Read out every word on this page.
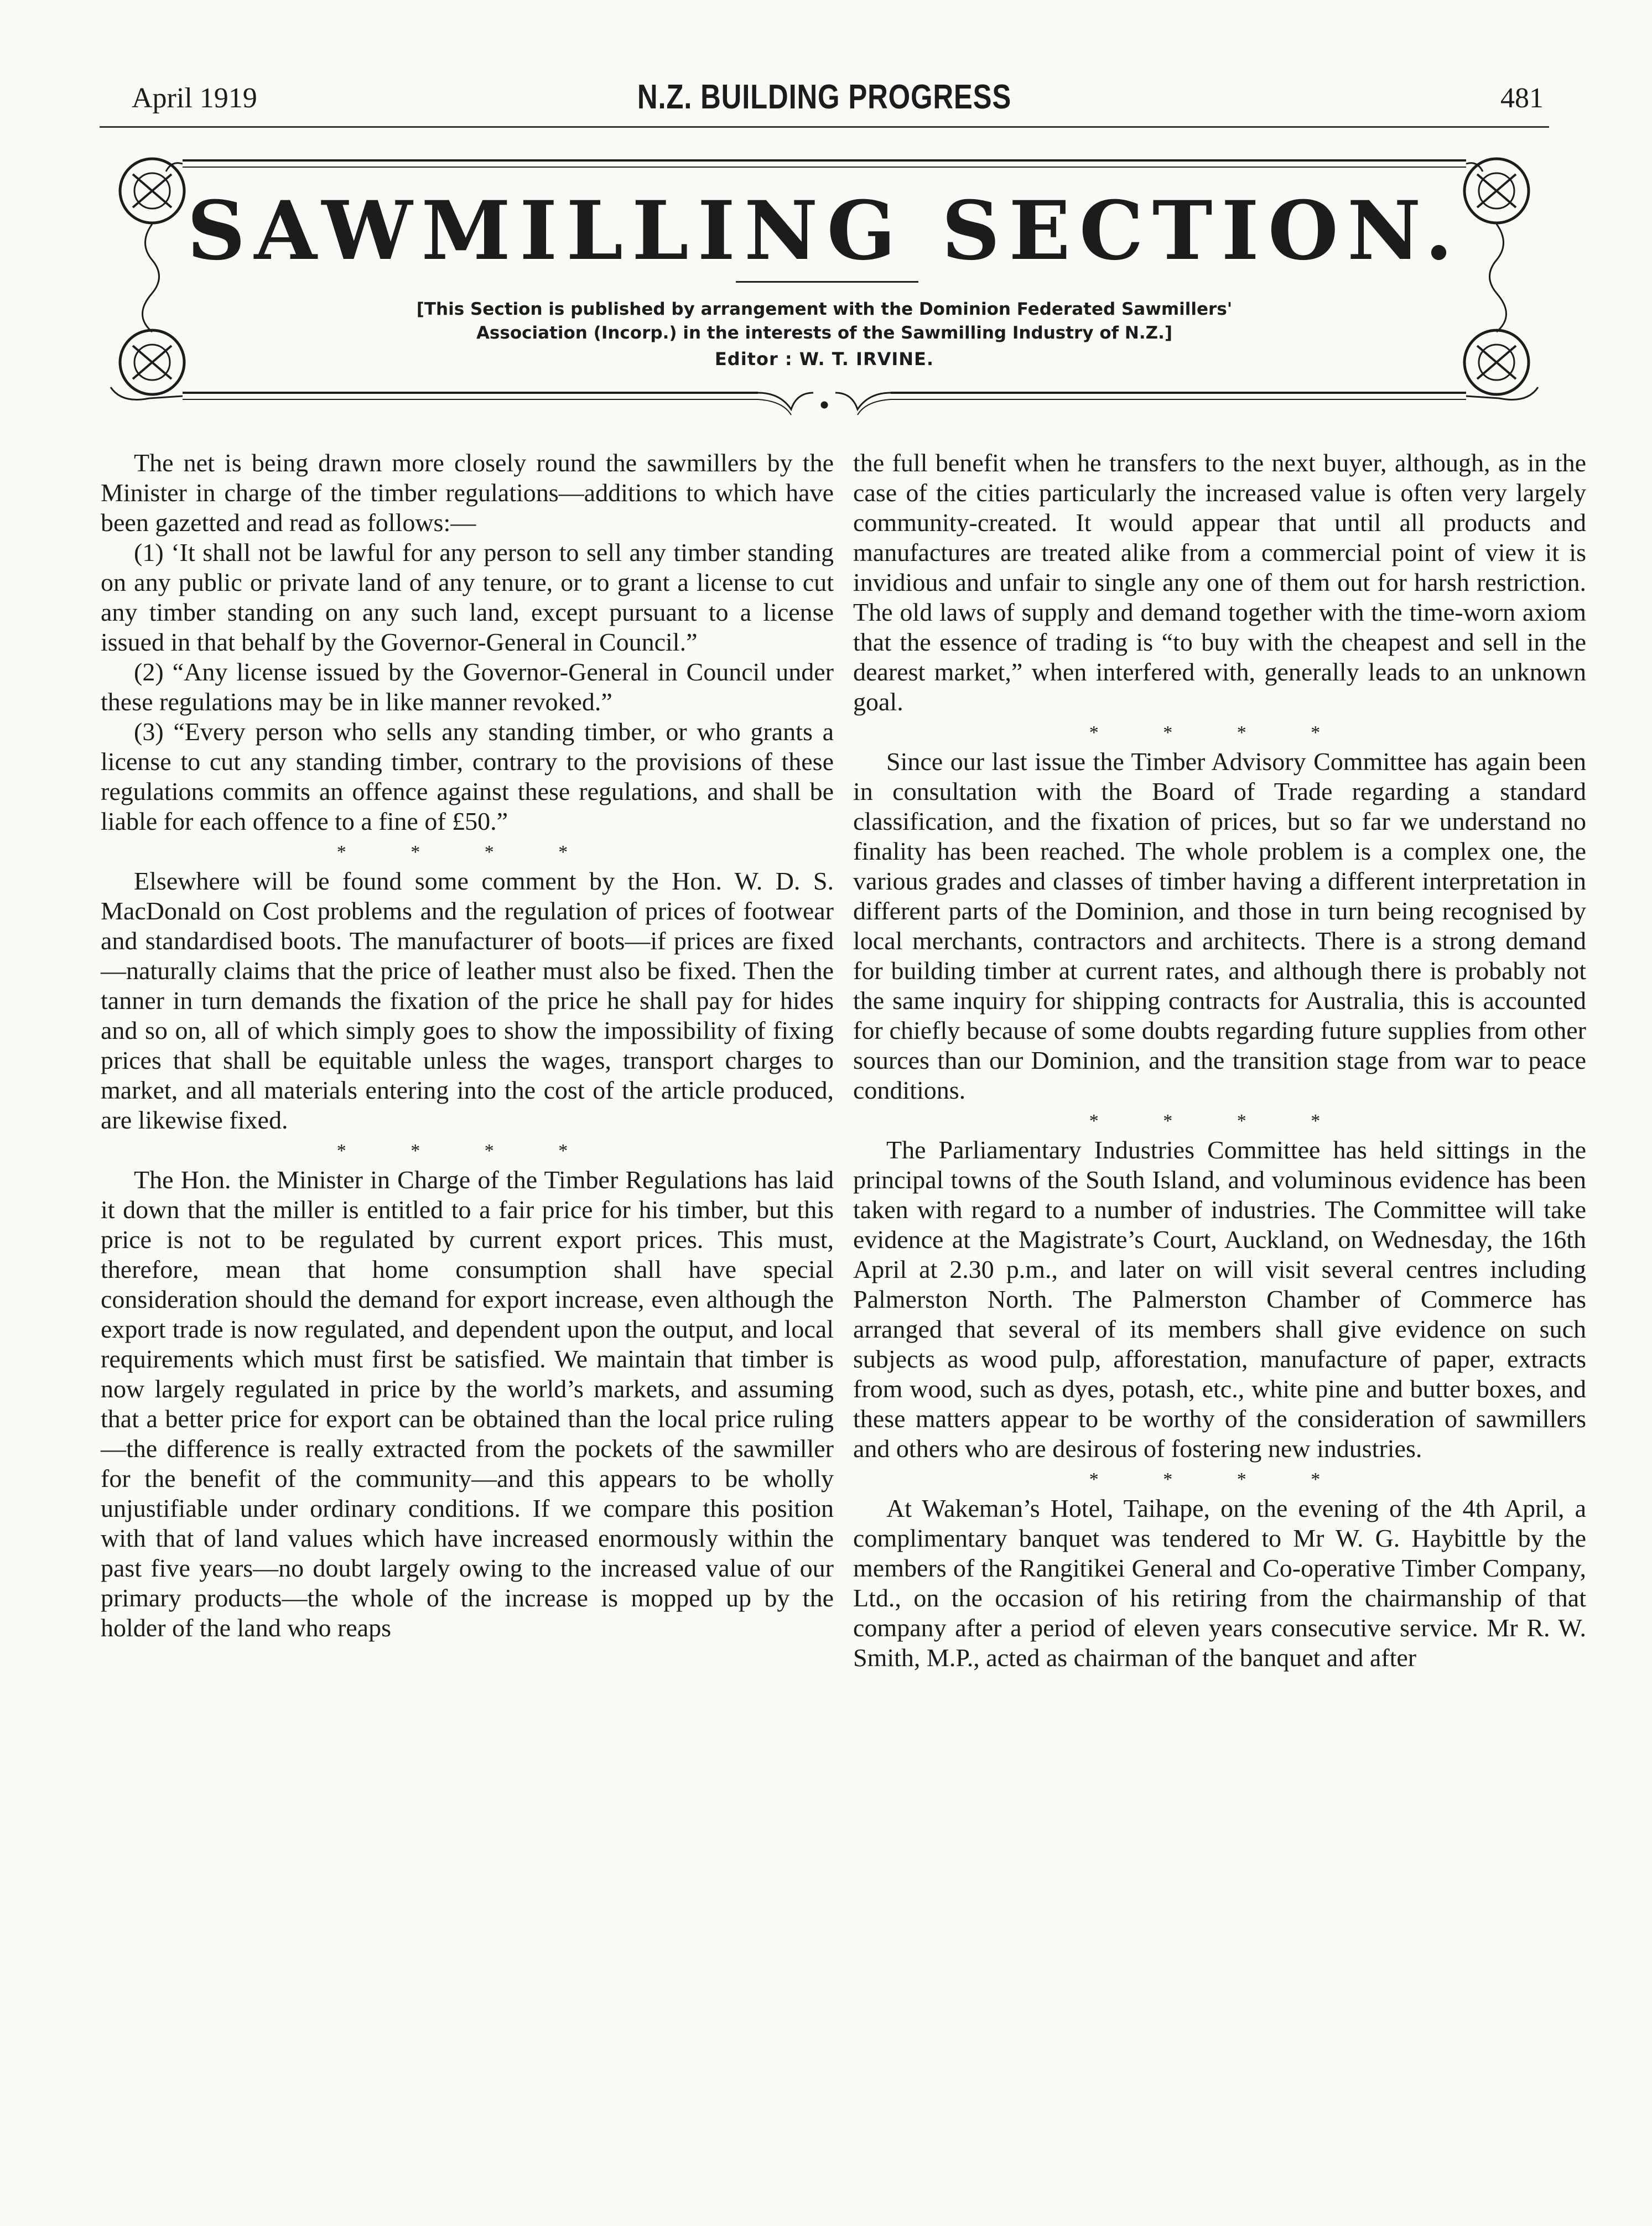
April 1919	N.Z. BUILDING PROGRESS	481
SAWMILLING SECTION.
[This Section is published by arrangement with the Dominion Federated Sawmillers'
Association (Incorp.) in the interests of the Sawmilling Industry of N.Z.]
Editor : W. T. IRVINE.

The net is being drawn more closely round the sawmillers by the Minister in charge of the timber regulations—additions to which have been gazetted and read as follows:—

(1) ‘It shall not be lawful for any person to sell any timber standing on any public or private land of any tenure, or to grant a license to cut any timber standing on any such land, except pursuant to a license issued in that behalf by the Governor-General in Council.”

(2) “Any license issued by the Governor-General in Council under these regulations may be in like manner revoked.”

(3) “Every person who sells any standing timber, or who grants a license to cut any standing timber, contrary to the provisions of these regulations commits an offence against these regulations, and shall be liable for each offence to a fine of £50.”

* * * *

Elsewhere will be found some comment by the Hon. W. D. S. MacDonald on Cost problems and the regulation of prices of footwear and standardised boots. The manufacturer of boots—if prices are fixed—naturally claims that the price of leather must also be fixed. Then the tanner in turn demands the fixation of the price he shall pay for hides and so on, all of which simply goes to show the impossibility of fixing prices that shall be equitable unless the wages, transport charges to market, and all materials entering into the cost of the article produced, are likewise fixed.

* * * *

The Hon. the Minister in Charge of the Timber Regulations has laid it down that the miller is entitled to a fair price for his timber, but this price is not to be regulated by current export prices. This must, therefore, mean that home consumption shall have special consideration should the demand for export increase, even although the export trade is now regulated, and dependent upon the output, and local requirements which must first be satisfied. We maintain that timber is now largely regulated in price by the world’s markets, and assuming that a better price for export can be obtained than the local price ruling—the difference is really extracted from the pockets of the sawmiller for the benefit of the community—and this appears to be wholly unjustifiable under ordinary conditions. If we compare this position with that of land values which have increased enormously within the past five years—no doubt largely owing to the increased value of our primary products—the whole of the increase is mopped up by the holder of the land who reaps

the full benefit when he transfers to the next buyer, although, as in the case of the cities particularly the increased value is often very largely community-created. It would appear that until all products and manufactures are treated alike from a commercial point of view it is invidious and unfair to single any one of them out for harsh restriction. The old laws of supply and demand together with the time-worn axiom that the essence of trading is “to buy with the cheapest and sell in the dearest market,” when interfered with, generally leads to an unknown goal.

* * * *

Since our last issue the Timber Advisory Committee has again been in consultation with the Board of Trade regarding a standard classification, and the fixation of prices, but so far we understand no finality has been reached. The whole problem is a complex one, the various grades and classes of timber having a different interpretation in different parts of the Dominion, and those in turn being recognised by local merchants, contractors and architects. There is a strong demand for building timber at current rates, and although there is probably not the same inquiry for shipping contracts for Australia, this is accounted for chiefly because of some doubts regarding future supplies from other sources than our Dominion, and the transition stage from war to peace conditions.

* * * *

The Parliamentary Industries Committee has held sittings in the principal towns of the South Island, and voluminous evidence has been taken with regard to a number of industries. The Committee will take evidence at the Magistrate’s Court, Auckland, on Wednesday, the 16th April at 2.30 p.m., and later on will visit several centres including Palmerston North. The Palmerston Chamber of Commerce has arranged that several of its members shall give evidence on such subjects as wood pulp, afforestation, manufacture of paper, extracts from wood, such as dyes, potash, etc., white pine and butter boxes, and these matters appear to be worthy of the consideration of sawmillers and others who are desirous of fostering new industries.

* * * *

At Wakeman’s Hotel, Taihape, on the evening of the 4th April, a complimentary banquet was tendered to Mr W. G. Haybittle by the members of the Rangitikei General and Co-operative Timber Company, Ltd., on the occasion of his retiring from the chairmanship of that company after a period of eleven years consecutive service. Mr R. W. Smith, M.P., acted as chairman of the banquet and after
